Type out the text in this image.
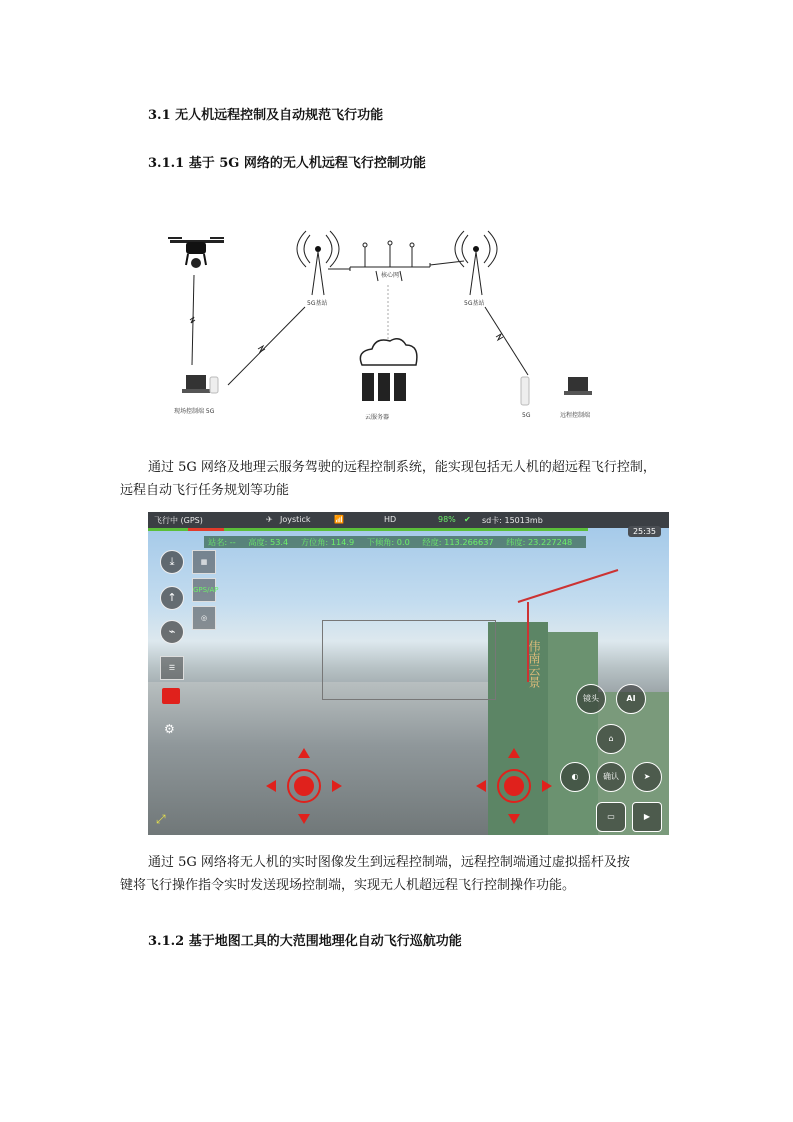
3.1 无人机远程控制及自动规范飞行功能
3.1.1 基于 5G 网络的无人机远程飞行控制功能
现场控制端 5G
5G基站	5G基站
核心网
云服务器	5G	远程控制端
通过 5G 网络及地理云服务驾驶的远程控制系统，能实现包括无人机的超远程飞行控制，
远程自动飞行任务规划等功能
伟南云景
飞行中 (GPS)	✈ Joystick	📶	HD	98% ✔ sd卡: 15013mb
25:35
站名: -- 高度: 53.4 方位角: 114.9 下倾角: 0.0 经度: 113.266637 纬度: 23.227248
⤓
↑
⌁
☰
⚙
▦
GPS/AP
◎
⤢
镜头	AI
⌂
◐	确认	➤
▭	▶
通过 5G 网络将无人机的实时图像发生到远程控制端，远程控制端通过虚拟摇杆及按
键将飞行操作指令实时发送现场控制端，实现无人机超远程飞行控制操作功能。
3.1.2 基于地图工具的大范围地理化自动飞行巡航功能
